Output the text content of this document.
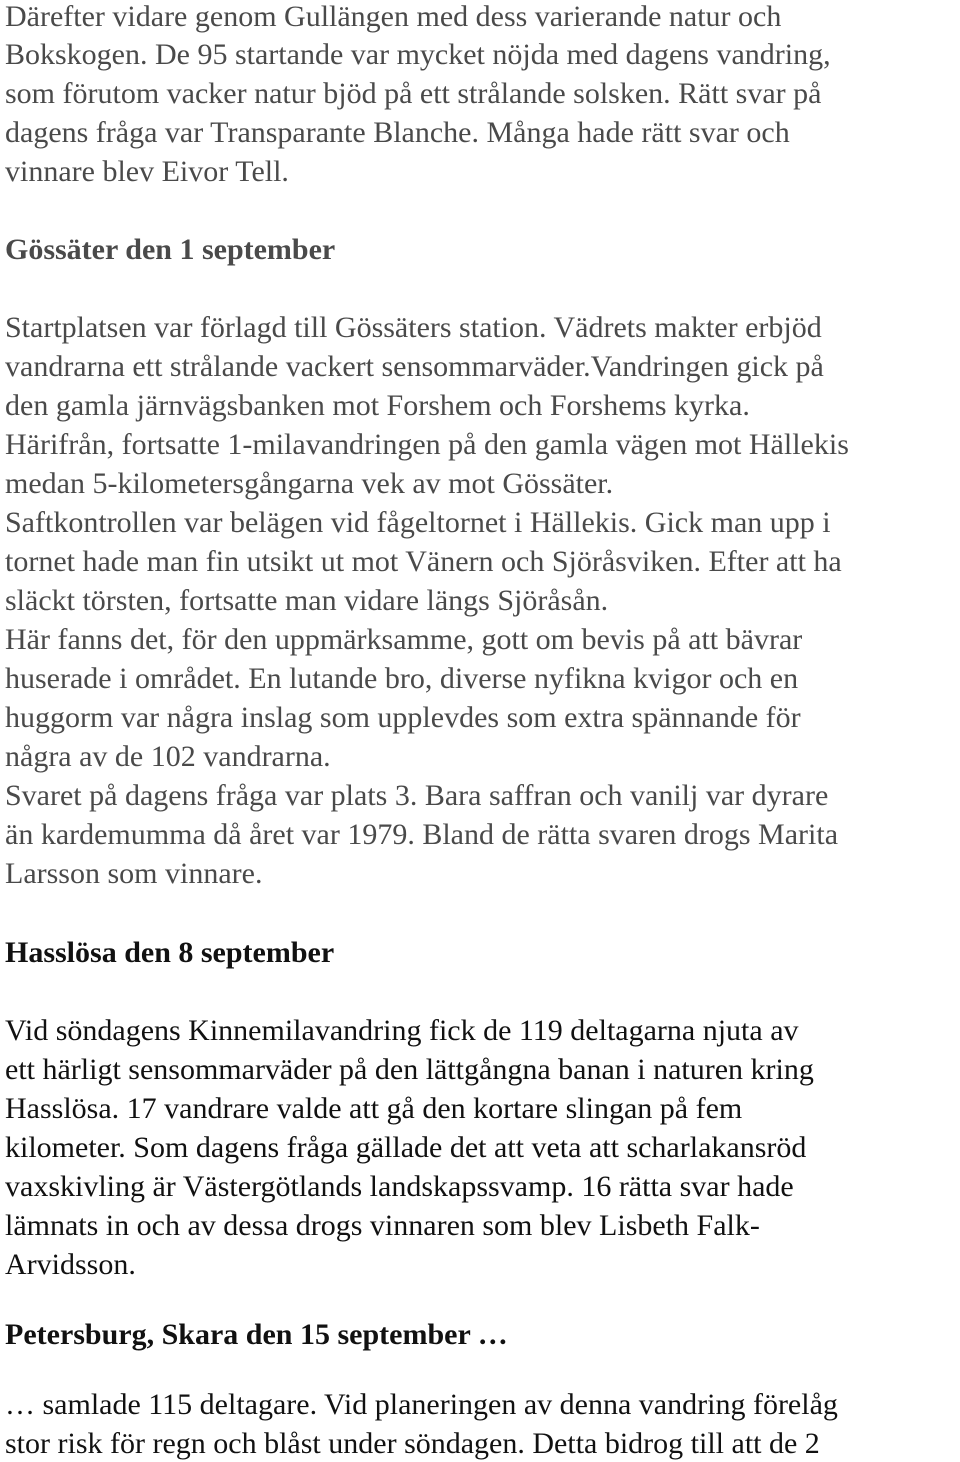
Därefter vidare genom Gullängen med dess varierande natur och
Bokskogen. De 95 startande var mycket nöjda med dagens vandring,
som förutom vacker natur bjöd på ett strålande solsken. Rätt svar på
dagens fråga var Transparante Blanche. Många hade rätt svar och
vinnare blev Eivor Tell.
Gössäter den 1 september
Startplatsen var förlagd till Gössäters station. Vädrets makter erbjöd
vandrarna ett strålande vackert sensommarväder.Vandringen gick på
den gamla järnvägsbanken mot Forshem och Forshems kyrka.
Härifrån, fortsatte 1-milavandringen på den gamla vägen mot Hällekis
medan 5-kilometersgångarna vek av mot Gössäter.
Saftkontrollen var belägen vid fågeltornet i Hällekis. Gick man upp i
tornet hade man fin utsikt ut mot Vänern och Sjöråsviken. Efter att ha
släckt törsten, fortsatte man vidare längs Sjöråsån.
Här fanns det, för den uppmärksamme, gott om bevis på att bävrar
huserade i området. En lutande bro, diverse nyfikna kvigor och en
huggorm var några inslag som upplevdes som extra spännande för
några av de 102 vandrarna.
Svaret på dagens fråga var plats 3. Bara saffran och vanilj var dyrare
än kardemumma då året var 1979. Bland de rätta svaren drogs Marita
Larsson som vinnare.
Hasslösa den 8 september
Vid söndagens Kinnemilavandring fick de 119 deltagarna njuta av
ett härligt sensommarväder på den lättgångna banan i naturen kring
Hasslösa. 17 vandrare valde att gå den kortare slingan på fem
kilometer. Som dagens fråga gällade det att veta att scharlakansröd
vaxskivling är Västergötlands landskapssvamp. 16 rätta svar hade
lämnats in och av dessa drogs vinnaren som blev Lisbeth Falk-
Arvidsson.
Petersburg, Skara den 15 september …
… samlade 115 deltagare. Vid planeringen av denna vandring förelåg
stor risk för regn och blåst under söndagen. Detta bidrog till att de 2
